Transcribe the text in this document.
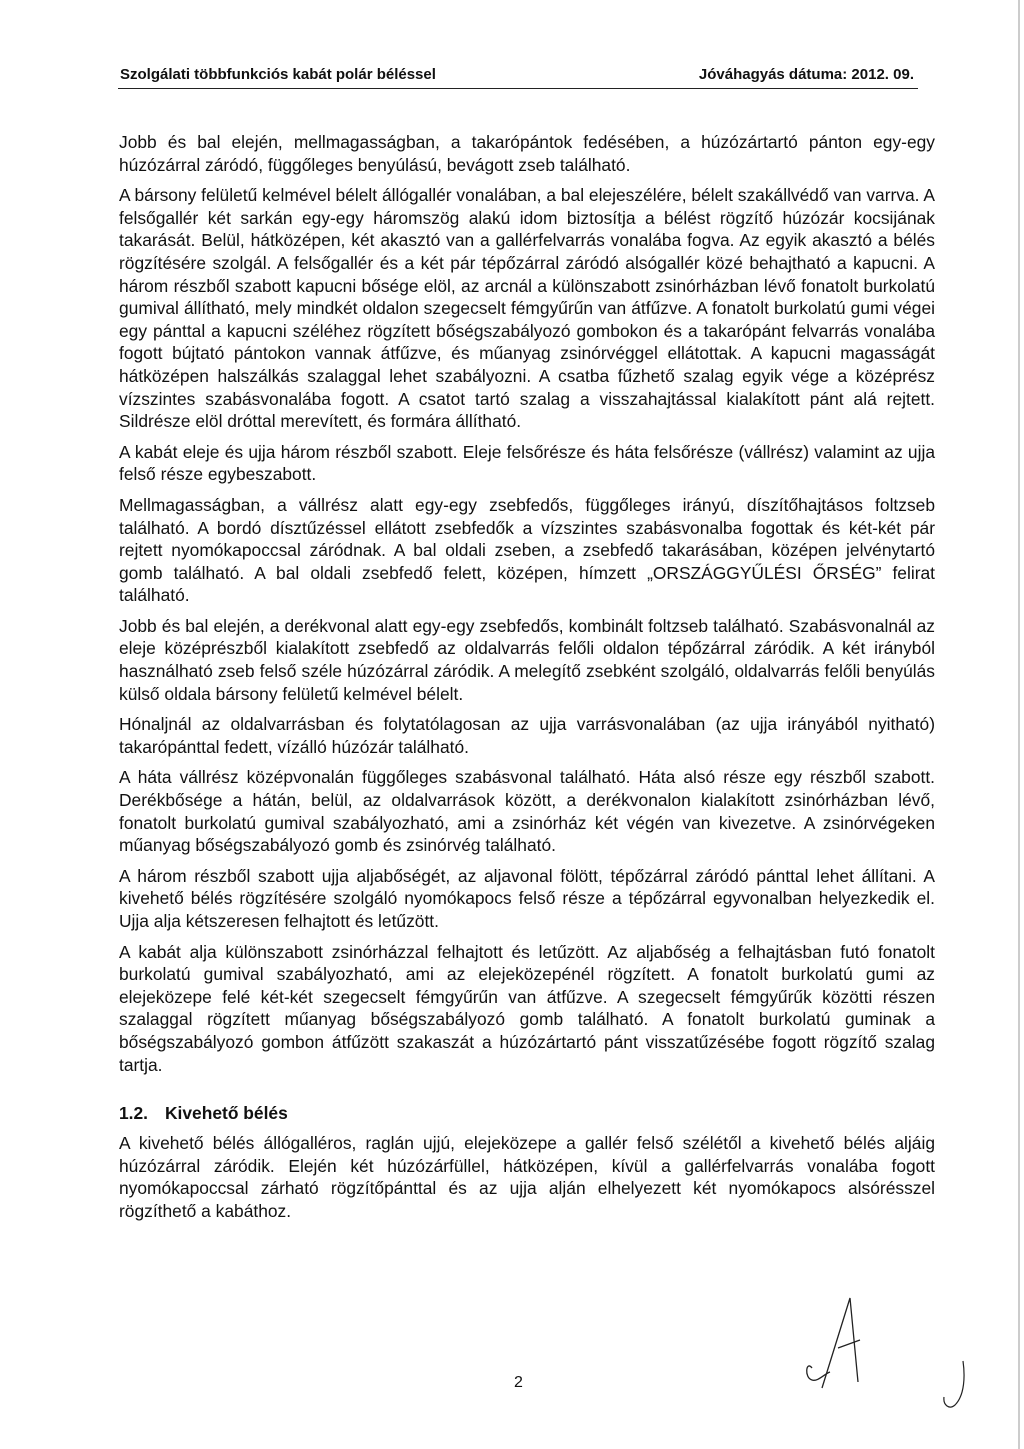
Szolgálati többfunkciós kabát polár béléssel	Jóváhagyás dátuma: 2012. 09.

Jobb és bal elején, mellmagasságban, a takarópántok fedésében, a húzózártartó pánton egy-egy húzózárral záródó, függőleges benyúlású, bevágott zseb található.

A bársony felületű kelmével bélelt állógallér vonalában, a bal elejeszélére, bélelt szakállvédő van varrva. A felsőgallér két sarkán egy-egy háromszög alakú idom biztosítja a bélést rögzítő húzózár kocsijának takarását. Belül, hátközépen, két akasztó van a gallérfelvarrás vonalába fogva. Az egyik akasztó a bélés rögzítésére szolgál. A felsőgallér és a két pár tépőzárral záródó alsógallér közé behajtható a kapucni. A három részből szabott kapucni bősége elöl, az arcnál a különszabott zsinórházban lévő fonatolt burkolatú gumival állítható, mely mindkét oldalon szegecselt fémgyűrűn van átfűzve. A fonatolt burkolatú gumi végei egy pánttal a kapucni széléhez rögzített bőségszabályozó gombokon és a takarópánt felvarrás vonalába fogott bújtató pántokon vannak átfűzve, és műanyag zsinórvéggel ellátottak. A kapucni magasságát hátközépen halszálkás szalaggal lehet szabályozni. A csatba fűzhető szalag egyik vége a középrész vízszintes szabásvonalába fogott. A csatot tartó szalag a visszahajtással kialakított pánt alá rejtett. Sildrésze elöl dróttal merevített, és formára állítható.

A kabát eleje és ujja három részből szabott. Eleje felsőrésze és háta felsőrésze (vállrész) valamint az ujja felső része egybeszabott.

Mellmagasságban, a vállrész alatt egy-egy zsebfedős, függőleges irányú, díszítőhajtásos foltzseb található. A bordó dísztűzéssel ellátott zsebfedők a vízszintes szabásvonalba fogottak és két-két pár rejtett nyomókapoccsal záródnak. A bal oldali zseben, a zsebfedő takarásában, középen jelvénytartó gomb található. A bal oldali zsebfedő felett, középen, hímzett „ORSZÁGGYŰLÉSI ŐRSÉG” felirat található.

Jobb és bal elején, a derékvonal alatt egy-egy zsebfedős, kombinált foltzseb található. Szabásvonalnál az eleje középrészből kialakított zsebfedő az oldalvarrás felőli oldalon tépőzárral záródik. A két irányból használható zseb felső széle húzózárral záródik. A melegítő zsebként szolgáló, oldalvarrás felőli benyúlás külső oldala bársony felületű kelmével bélelt.

Hónaljnál az oldalvarrásban és folytatólagosan az ujja varrásvonalában (az ujja irányából nyitható) takarópánttal fedett, vízálló húzózár található.

A háta vállrész középvonalán függőleges szabásvonal található. Háta alsó része egy részből szabott. Derékbősége a hátán, belül, az oldalvarrások között, a derékvonalon kialakított zsinórházban lévő, fonatolt burkolatú gumival szabályozható, ami a zsinórház két végén van kivezetve. A zsinórvégeken műanyag bőségszabályozó gomb és zsinórvég található.

A három részből szabott ujja aljabőségét, az aljavonal fölött, tépőzárral záródó pánttal lehet állítani. A kivehető bélés rögzítésére szolgáló nyomókapocs felső része a tépőzárral egyvonalban helyezkedik el. Ujja alja kétszeresen felhajtott és letűzött.

A kabát alja különszabott zsinórházzal felhajtott és letűzött. Az aljabőség a felhajtásban futó fonatolt burkolatú gumival szabályozható, ami az elejeközepénél rögzített. A fonatolt burkolatú gumi az elejeközepe felé két-két szegecselt fémgyűrűn van átfűzve. A szegecselt fémgyűrűk közötti részen szalaggal rögzített műanyag bőségszabályozó gomb található. A fonatolt burkolatú guminak a bőségszabályozó gombon átfűzött szakaszát a húzózártartó pánt visszatűzésébe fogott rögzítő szalag tartja.

1.2. Kivehető bélés

A kivehető bélés állógalléros, raglán ujjú, elejeközepe a gallér felső szélétől a kivehető bélés aljáig húzózárral záródik. Elején két húzózárfüllel, hátközépen, kívül a gallérfelvarrás vonalába fogott nyomókapoccsal zárható rögzítőpánttal és az ujja alján elhelyezett két nyomókapocs alsórésszel rögzíthető a kabáthoz.

2
